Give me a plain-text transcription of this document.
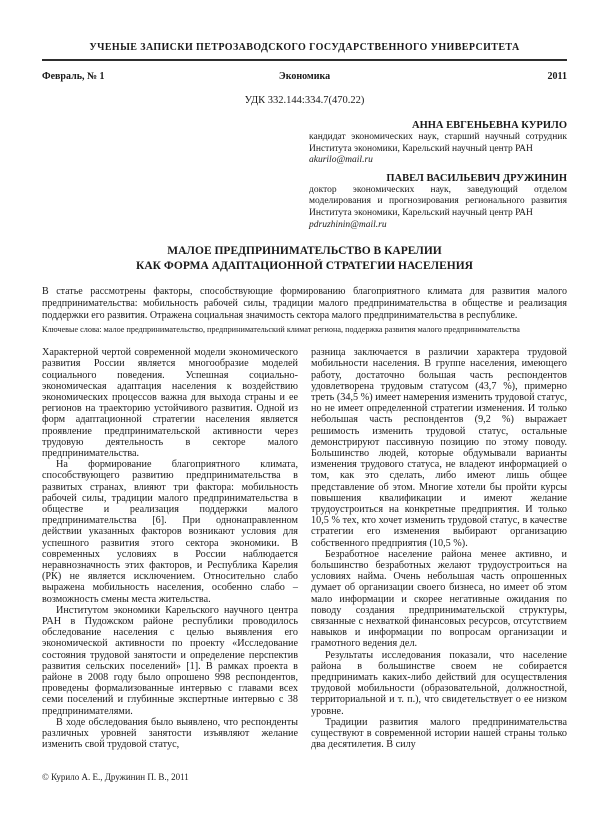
УЧЕНЫЕ ЗАПИСКИ ПЕТРОЗАВОДСКОГО ГОСУДАРСТВЕННОГО УНИВЕРСИТЕТА
Февраль, № 1	Экономика	2011
УДК 332.144:334.7(470.22)
АННА ЕВГЕНЬЕВНА КУРИЛО
кандидат экономических наук, старший научный сотрудник Института экономики, Карельский научный центр РАН
akurilo@mail.ru
ПАВЕЛ ВАСИЛЬЕВИЧ ДРУЖИНИН
доктор экономических наук, заведующий отделом моделирования и прогнозирования регионального развития Института экономики, Карельский научный центр РАН
pdruzhinin@mail.ru
МАЛОЕ ПРЕДПРИНИМАТЕЛЬСТВО В КАРЕЛИИ
КАК ФОРМА АДАПТАЦИОННОЙ СТРАТЕГИИ НАСЕЛЕНИЯ

В статье рассмотрены факторы, способствующие формированию благоприятного климата для развития малого предпринимательства: мобильность рабочей силы, традиции малого предпринимательства в обществе и реализация поддержки его развития. Отражена социальная значимость сектора малого предпринимательства в республике.

Ключевые слова: малое предпринимательство, предпринимательский климат региона, поддержка развития малого предпринимательства

Характерной чертой современной модели экономического развития России является многообразие моделей социального поведения. Успешная социально-экономическая адаптация населения к воздействию экономических процессов важна для выхода страны и ее регионов на траекторию устойчивого развития. Одной из форм адаптационной стратегии населения является проявление предпринимательской активности через трудовую деятельность в секторе малого предпринимательства.

На формирование благоприятного климата, способствующего развитию предпринимательства в развитых странах, влияют три фактора: мобильность рабочей силы, традиции малого предпринимательства в обществе и реализация поддержки малого предпринимательства [6]. При однонаправленном действии указанных факторов возникают условия для успешного развития этого сектора экономики. В современных условиях в России наблюдается неравнозначность этих факторов, и Республика Карелия (РК) не является исключением. Относительно слабо выражена мобильность населения, особенно слабо – возможность смены места жительства.

Институтом экономики Карельского научного центра РАН в Пудожском районе республики проводилось обследование населения с целью выявления его экономической активности по проекту «Исследование состояния трудовой занятости и определение перспектив развития сельских поселений» [1]. В рамках проекта в районе в 2008 году было опрошено 998 респондентов, проведены формализованные интервью с главами всех семи поселений и глубинные экспертные интервью с 38 предпринимателями.

В ходе обследования было выявлено, что респонденты различных уровней занятости изъявляют желание изменить свой трудовой статус,

разница заключается в различии характера трудовой мобильности населения. В группе населения, имеющего работу, достаточно большая часть респондентов удовлетворена трудовым статусом (43,7 %), примерно треть (34,5 %) имеет намерения изменить трудовой статус, но не имеет определенной стратегии изменения. И только небольшая часть респондентов (9,2 %) выражает решимость изменить трудовой статус, остальные демонстрируют пассивную позицию по этому поводу. Большинство людей, которые обдумывали варианты изменения трудового статуса, не владеют информацией о том, как это сделать, либо имеют лишь общее представление об этом. Многие хотели бы пройти курсы повышения квалификации и имеют желание трудоустроиться на конкретные предприятия. И только 10,5 % тех, кто хочет изменить трудовой статус, в качестве стратегии его изменения выбирают организацию собственного предприятия (10,5 %).

Безработное население района менее активно, и большинство безработных желают трудоустроиться на условиях найма. Очень небольшая часть опрошенных думает об организации своего бизнеса, но имеет об этом мало информации и скорее негативные ожидания по поводу создания предпринимательской структуры, связанные с нехваткой финансовых ресурсов, отсутствием навыков и информации по вопросам организации и грамотного ведения дел.

Результаты исследования показали, что население района в большинстве своем не собирается предпринимать каких-либо действий для осуществления трудовой мобильности (образовательной, должностной, территориальной и т. п.), что свидетельствует о ее низком уровне.

Традиции развития малого предпринимательства существуют в современной истории нашей страны только два десятилетия. В силу

© Курило А. Е., Дружинин П. В., 2011
